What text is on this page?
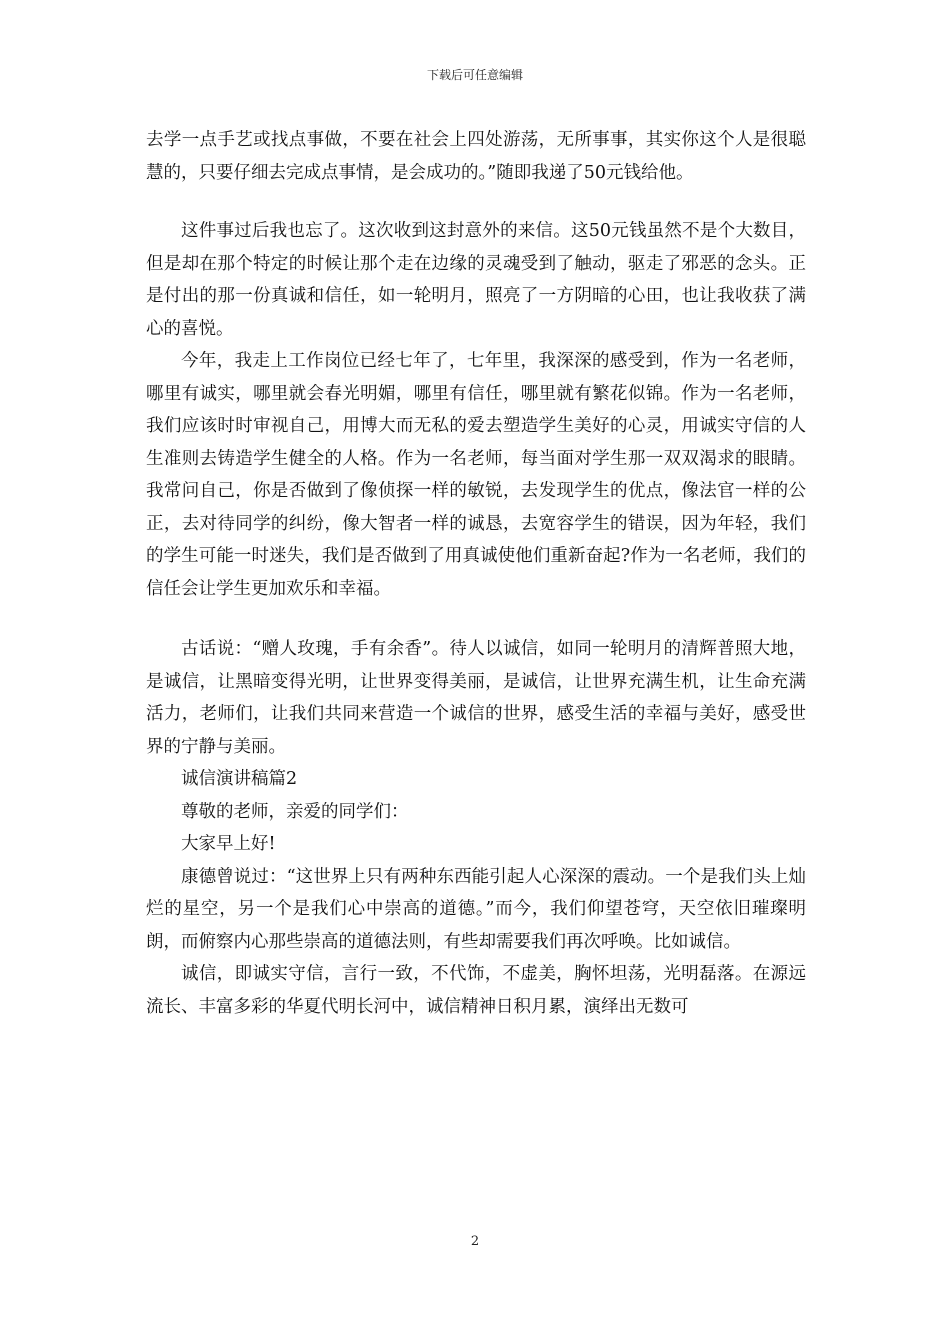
下载后可任意编辑

去学一点手艺或找点事做，不要在社会上四处游荡，无所事事，其实你这个人是很聪慧的，只要仔细去完成点事情，是会成功的。”随即我递了50元钱给他。

这件事过后我也忘了。这次收到这封意外的来信。这50元钱虽然不是个大数目，但是却在那个特定的时候让那个走在边缘的灵魂受到了触动，驱走了邪恶的念头。正是付出的那一份真诚和信任，如一轮明月，照亮了一方阴暗的心田，也让我收获了满心的喜悦。

今年，我走上工作岗位已经七年了，七年里，我深深的感受到，作为一名老师，哪里有诚实，哪里就会春光明媚，哪里有信任，哪里就有繁花似锦。作为一名老师，我们应该时时审视自己，用博大而无私的爱去塑造学生美好的心灵，用诚实守信的人生准则去铸造学生健全的人格。作为一名老师，每当面对学生那一双双渴求的眼睛。我常问自己，你是否做到了像侦探一样的敏锐，去发现学生的优点，像法官一样的公正，去对待同学的纠纷，像大智者一样的诚恳，去宽容学生的错误，因为年轻，我们的学生可能一时迷失，我们是否做到了用真诚使他们重新奋起?作为一名老师，我们的信任会让学生更加欢乐和幸福。

古话说：“赠人玫瑰，手有余香”。待人以诚信，如同一轮明月的清辉普照大地，是诚信，让黑暗变得光明，让世界变得美丽，是诚信，让世界充满生机，让生命充满活力，老师们，让我们共同来营造一个诚信的世界，感受生活的幸福与美好，感受世界的宁静与美丽。

诚信演讲稿篇2

尊敬的老师，亲爱的同学们：

大家早上好!

康德曾说过：“这世界上只有两种东西能引起人心深深的震动。一个是我们头上灿烂的星空，另一个是我们心中崇高的道德。”而今，我们仰望苍穹，天空依旧璀璨明朗，而俯察内心那些崇高的道德法则，有些却需要我们再次呼唤。比如诚信。

诚信，即诚实守信，言行一致，不代饰，不虚美，胸怀坦荡，光明磊落。在源远流长、丰富多彩的华夏代明长河中，诚信精神日积月累，演绎出无数可

2
